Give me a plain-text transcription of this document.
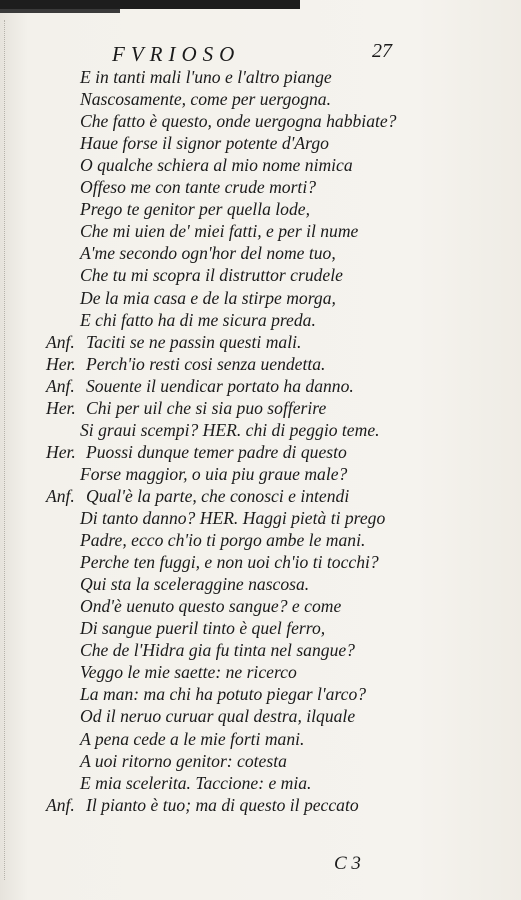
FVRIOSO	27
E in tanti mali l'uno e l'altro piange
Nascosamente, come per uergogna.
Che fatto è questo, onde uergogna habbiate?
Haue forse il signor potente d'Argo
O qualche schiera al mio nome nimica
Offeso me con tante crude morti?
Prego te genitor per quella lode,
Che mi uien de' miei fatti, e per il nume
A'me secondo ogn'hor del nome tuo,
Che tu mi scopra il distruttor crudele
De la mia casa e de la stirpe morga,
E chi fatto ha di me sicura preda.
Anf. Taciti se ne passin questi mali.
Her. Perch'io resti cosi senza uendetta.
Anf. Souente il uendicar portato ha danno.
Her. Chi per uil che si sia puo sofferire
Si graui scempi? HER. chi di peggio teme.
Her. Puossi dunque temer padre di questo
Forse maggior, o uia piu graue male?
Anf. Qual'è la parte, che conosci e intendi
Di tanto danno? HER. Haggi pietà ti prego
Padre, ecco ch'io ti porgo ambe le mani.
Perche ten fuggi, e non uoi ch'io ti tocchi?
Qui sta la sceleraggine nascosa.
Ond'è uenuto questo sangue? e come
Di sangue pueril tinto è quel ferro,
Che de l'Hidra gia fu tinta nel sangue?
Veggo le mie saette: ne ricerco
La man: ma chi ha potuto piegar l'arco?
Od il neruo curuar qual destra, ilquale
A pena cede a le mie forti mani.
A uoi ritorno genitor: cotesta
E mia scelerita. Taccione: e mia.
Anf. Il pianto è tuo; ma di questo il peccato
C 3
